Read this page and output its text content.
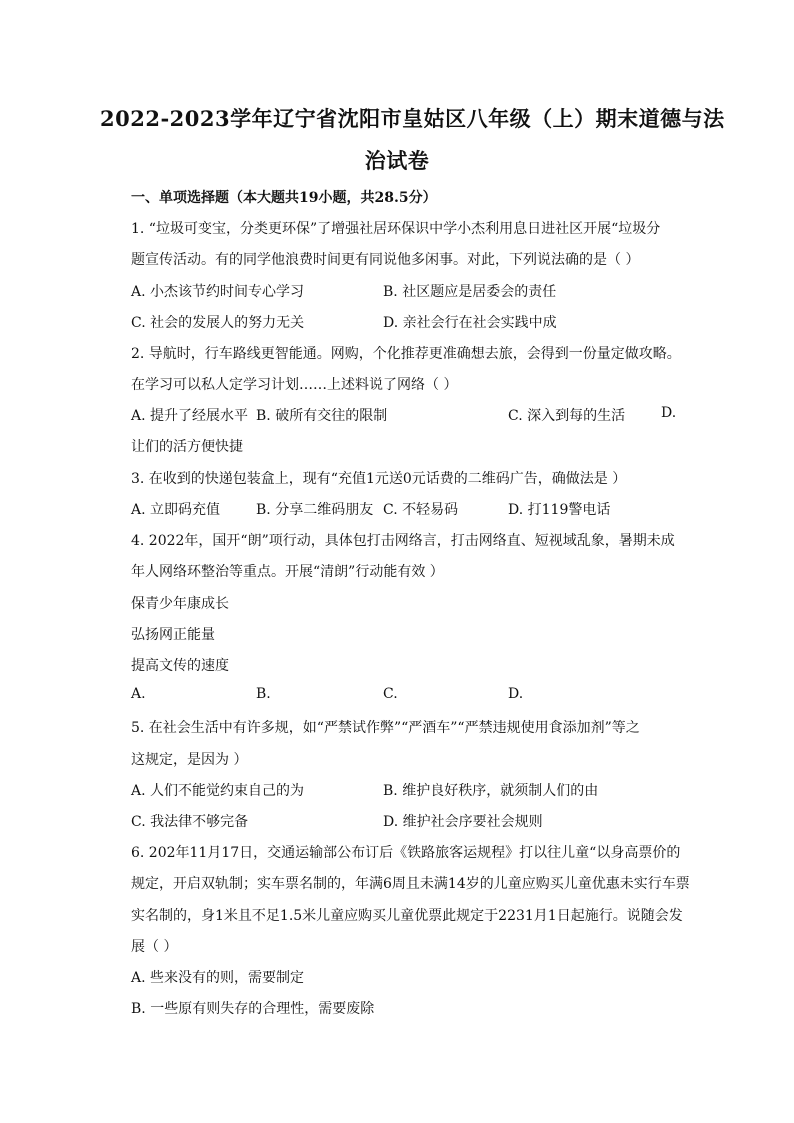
2022-2023学年辽宁省沈阳市皇姑区八年级（上）期末道德与法
治试卷
一、单项选择题（本大题共19小题，共28.5分）
1. “垃圾可变宝，分类更环保”了增强社居环保识中学小杰利用息日进社区开展“垃圾分
题宣传活动。有的同学他浪费时间更有同说他多闲事。对此，下列说法确的是（ ）
A. 小杰该节约时间专心学习	B. 社区题应是居委会的责任
C. 社会的发展人的努力无关	D. 亲社会行在社会实践中成
2. 导航时，行车路线更智能通。网购，个化推荐更准确想去旅，会得到一份量定做攻略。
在学习可以私人定学习计划……上述料说了网络（ ）
A. 提升了经展水平 B. 破所有交往的限制	C. 深入到每的生活	D.
让们的活方便快捷
3. 在收到的快递包装盒上，现有“充值1元送0元话费的二维码广告，确做法是 ）
A. 立即码充值	B. 分享二维码朋友 C. 不轻易码	D. 打119警电话
4. 2022年，国开“朗”项行动，具体包打击网络言，打击网络直、短视域乱象，暑期未成
年人网络环整治等重点。开展“清朗”行动能有效 ）
保青少年康成长
弘扬网正能量
提高文传的速度
A.	B.	C.	D.
5. 在社会生活中有许多规，如“严禁试作弊”“严酒车”“严禁违规使用食添加剂”等之
这规定，是因为 ）
A. 人们不能觉约束自己的为	B. 维护良好秩序，就须制人们的由
C. 我法律不够完备	D. 维护社会序要社会规则
6. 202年11月17日，交通运输部公布订后《铁路旅客运规程》打以往儿童“以身高票价的
规定，开启双轨制；实车票名制的，年满6周且未满14岁的儿童应购买儿童优惠未实行车票
实名制的，身1米且不足1.5米儿童应购买儿童优票此规定于2231月1日起施行。说随会发
展（ ）
A. 些来没有的则，需要制定
B. 一些原有则失存的合理性，需要废除
